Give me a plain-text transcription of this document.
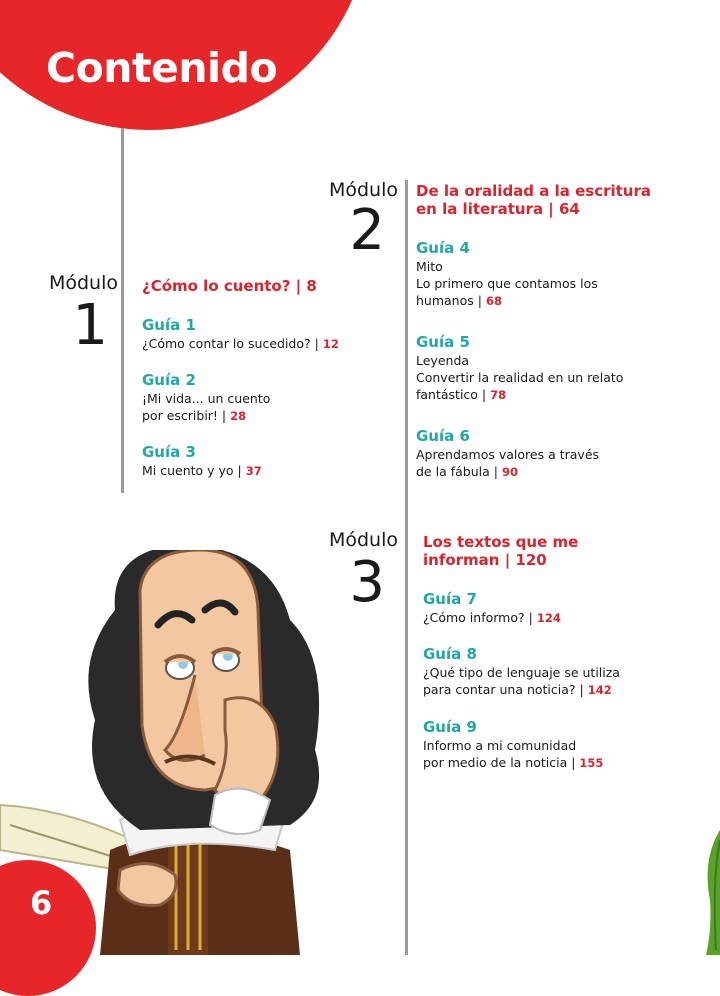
Contenido
Módulo
1
¿Cómo lo cuento? | 8
Guía 1
¿Cómo contar lo sucedido? | 12
Guía 2
¡Mi vida... un cuento
por escribir! | 28
Guía 3
Mi cuento y yo | 37
Módulo
2
De la oralidad a la escritura
en la literatura | 64
Guía 4
Mito
Lo primero que contamos los
humanos | 68
Guía 5
Leyenda
Convertir la realidad en un relato
fantástico | 78
Guía 6
Aprendamos valores a través
de la fábula | 90
Módulo
3
Los textos que me
informan | 120
Guía 7
¿Cómo informo? | 124
Guía 8
¿Qué tipo de lenguaje se utiliza
para contar una noticia? | 142
Guía 9
Informo a mi comunidad
por medio de la noticia | 155
6
